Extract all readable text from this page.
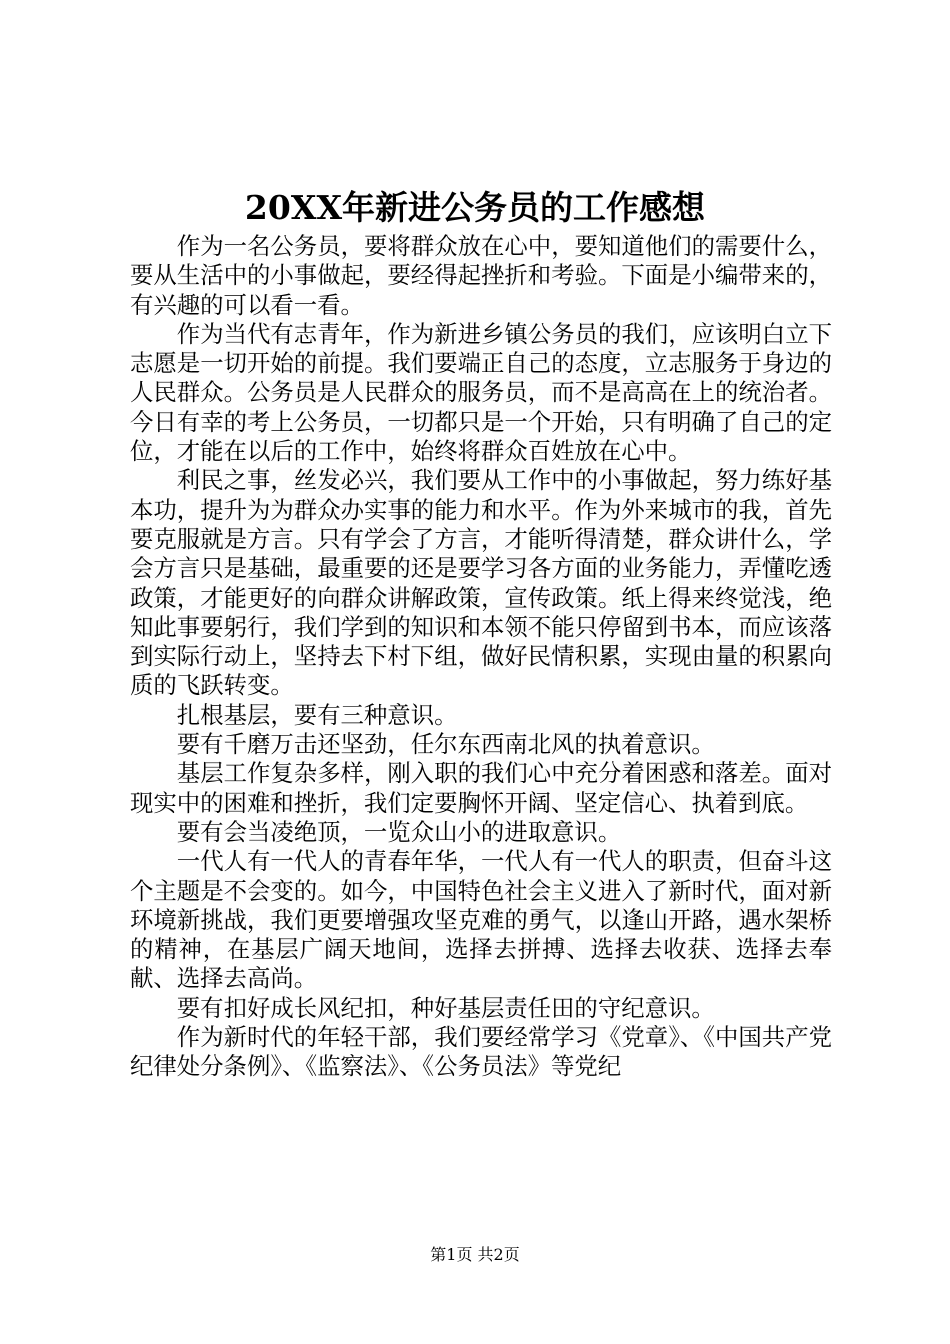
20XX年新进公务员的工作感想

作为一名公务员，要将群众放在心中，要知道他们的需要什么，要从生活中的小事做起，要经得起挫折和考验。下面是小编带来的，有兴趣的可以看一看。

作为当代有志青年，作为新进乡镇公务员的我们，应该明白立下志愿是一切开始的前提。我们要端正自己的态度，立志服务于身边的人民群众。公务员是人民群众的服务员，而不是高高在上的统治者。今日有幸的考上公务员，一切都只是一个开始，只有明确了自己的定位，才能在以后的工作中，始终将群众百姓放在心中。

利民之事，丝发必兴，我们要从工作中的小事做起，努力练好基本功，提升为为群众办实事的能力和水平。作为外来城市的我，首先要克服就是方言。只有学会了方言，才能听得清楚，群众讲什么，学会方言只是基础，最重要的还是要学习各方面的业务能力，弄懂吃透政策，才能更好的向群众讲解政策，宣传政策。纸上得来终觉浅，绝知此事要躬行，我们学到的知识和本领不能只停留到书本，而应该落到实际行动上，坚持去下村下组，做好民情积累，实现由量的积累向质的飞跃转变。

扎根基层，要有三种意识。

要有千磨万击还坚劲，任尔东西南北风的执着意识。

基层工作复杂多样，刚入职的我们心中充分着困惑和落差。面对现实中的困难和挫折，我们定要胸怀开阔、坚定信心、执着到底。

要有会当凌绝顶，一览众山小的进取意识。

一代人有一代人的青春年华，一代人有一代人的职责，但奋斗这个主题是不会变的。如今，中国特色社会主义进入了新时代，面对新环境新挑战，我们更要增强攻坚克难的勇气，以逢山开路，遇水架桥的精神，在基层广阔天地间，选择去拼搏、选择去收获、选择去奉献、选择去高尚。

要有扣好成长风纪扣，种好基层责任田的守纪意识。

作为新时代的年轻干部，我们要经常学习《党章》、《中国共产党纪律处分条例》、《监察法》、《公务员法》等党纪

第1页 共2页
